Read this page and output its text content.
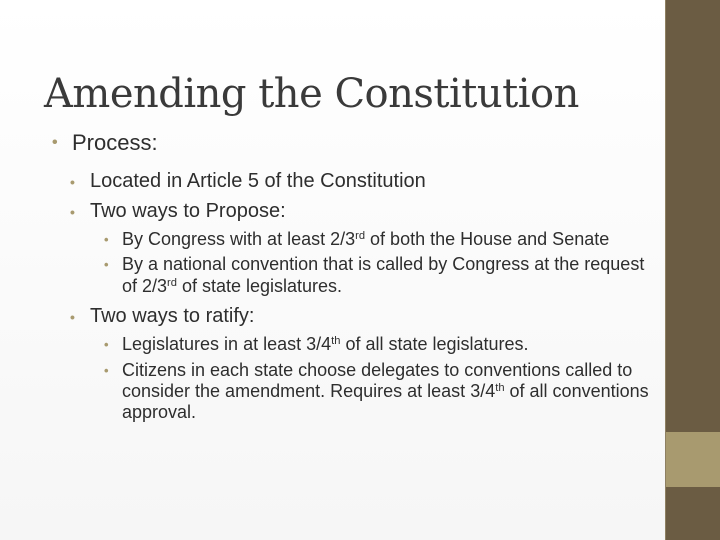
Amending the Constitution
• Process:
• Located in Article 5 of the Constitution
• Two ways to Propose:
• By Congress with at least 2/3rd of both the House and Senate
• By a national convention that is called by Congress at the request of 2/3rd of state legislatures.
• Two ways to ratify:
• Legislatures in at least 3/4th of all state legislatures.
• Citizens in each state choose delegates to conventions called to consider the amendment. Requires at least 3/4th of all conventions approval.
